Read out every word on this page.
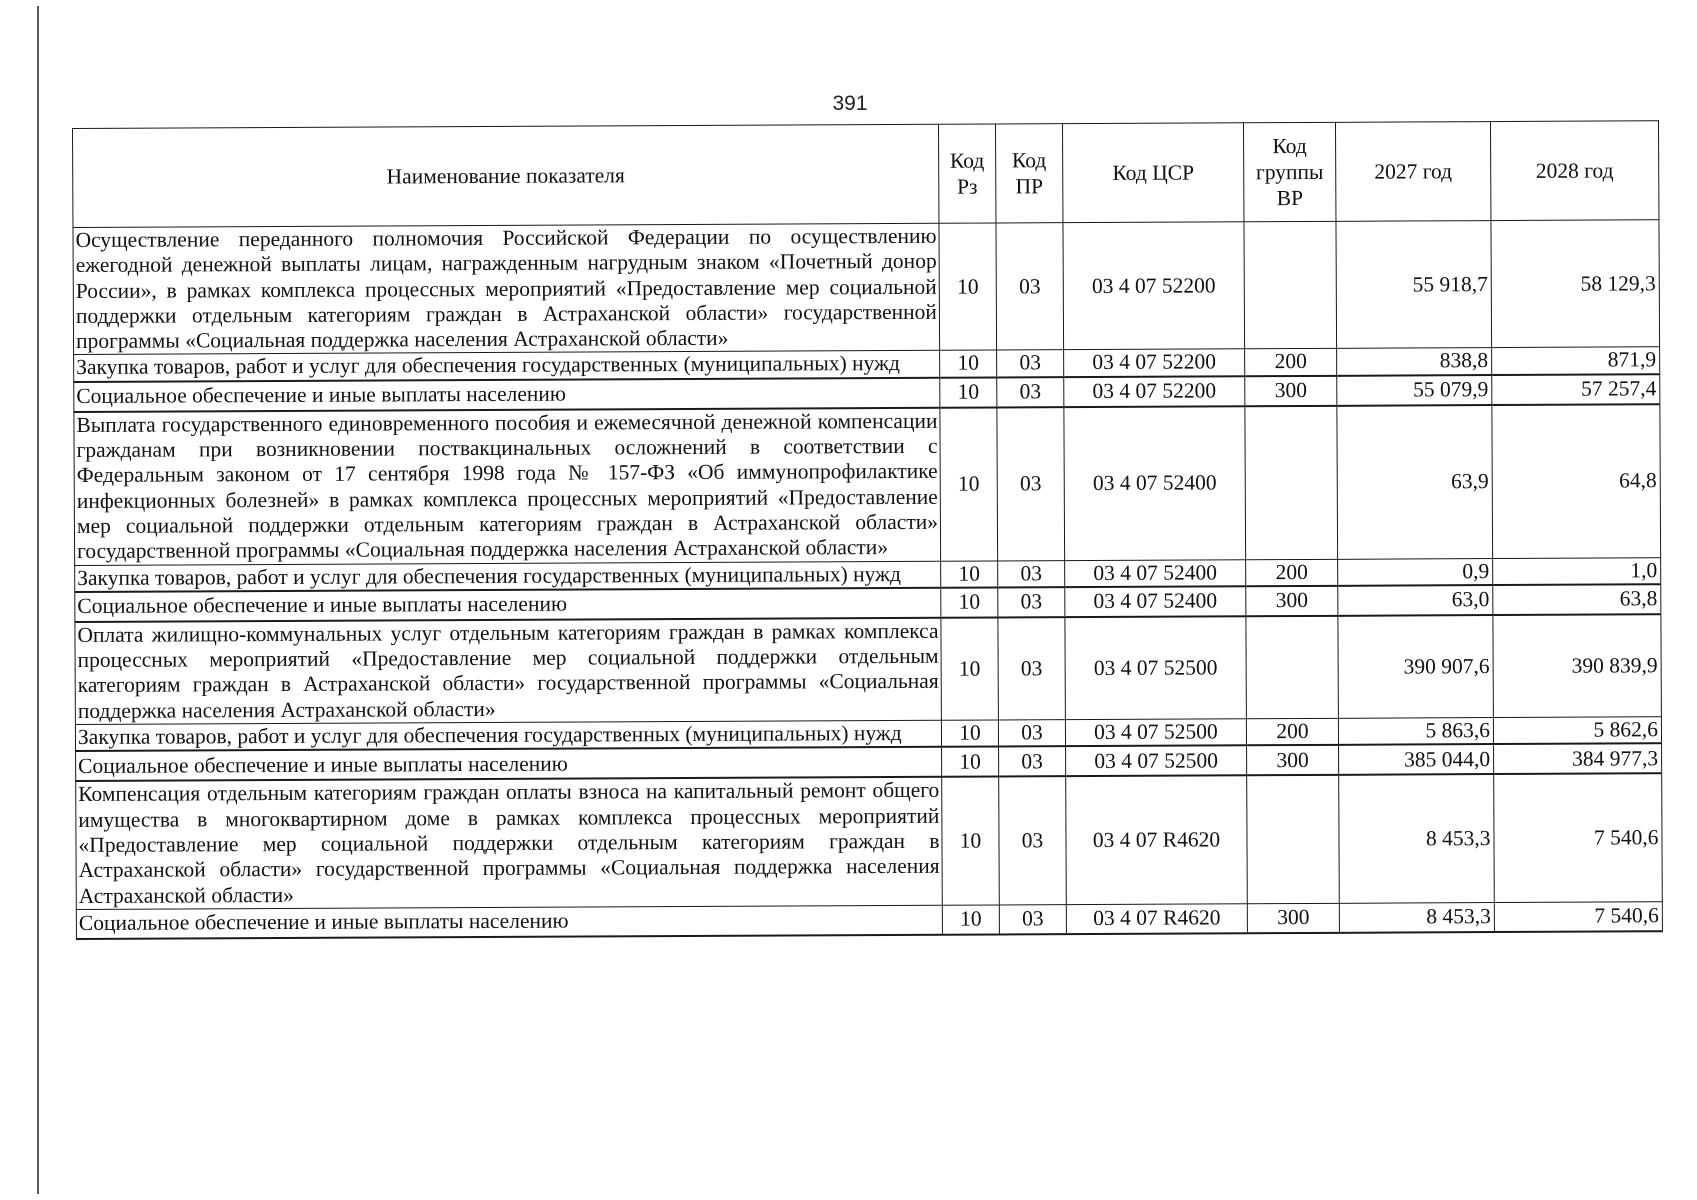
391
Наименование показателя	Код Рз	Код ПР	Код ЦСР	Код группы ВР	2027 год	2028 год
Осуществление переданного полномочия Российской Федерации по осуществлению ежегодной денежной выплаты лицам, награжденным нагрудным знаком «Почетный донор России», в рамках комплекса процессных мероприятий «Предоставление мер социальной поддержки отдельным категориям граждан в Астраханской области» государственной программы «Социальная поддержка населения Астраханской области»	10	03	03 4 07 52200		55 918,7	58 129,3
Закупка товаров, работ и услуг для обеспечения государственных (муниципальных) нужд	10	03	03 4 07 52200	200	838,8	871,9
Социальное обеспечение и иные выплаты населению	10	03	03 4 07 52200	300	55 079,9	57 257,4
Выплата государственного единовременного пособия и ежемесячной денежной компенсации гражданам при возникновении поствакцинальных осложнений в соответствии с Федеральным законом от 17 сентября 1998 года № 157-ФЗ «Об иммунопрофилактике инфекционных болезней» в рамках комплекса процессных мероприятий «Предоставление мер социальной поддержки отдельным категориям граждан в Астраханской области» государственной программы «Социальная поддержка населения Астраханской области»	10	03	03 4 07 52400		63,9	64,8
Закупка товаров, работ и услуг для обеспечения государственных (муниципальных) нужд	10	03	03 4 07 52400	200	0,9	1,0
Социальное обеспечение и иные выплаты населению	10	03	03 4 07 52400	300	63,0	63,8
Оплата жилищно-коммунальных услуг отдельным категориям граждан в рамках комплекса процессных мероприятий «Предоставление мер социальной поддержки отдельным категориям граждан в Астраханской области» государственной программы «Социальная поддержка населения Астраханской области»	10	03	03 4 07 52500		390 907,6	390 839,9
Закупка товаров, работ и услуг для обеспечения государственных (муниципальных) нужд	10	03	03 4 07 52500	200	5 863,6	5 862,6
Социальное обеспечение и иные выплаты населению	10	03	03 4 07 52500	300	385 044,0	384 977,3
Компенсация отдельным категориям граждан оплаты взноса на капитальный ремонт общего имущества в многоквартирном доме в рамках комплекса процессных мероприятий «Предоставление мер социальной поддержки отдельным категориям граждан в Астраханской области» государственной программы «Социальная поддержка населения Астраханской области»	10	03	03 4 07 R4620		8 453,3	7 540,6
Социальное обеспечение и иные выплаты населению	10	03	03 4 07 R4620	300	8 453,3	7 540,6
